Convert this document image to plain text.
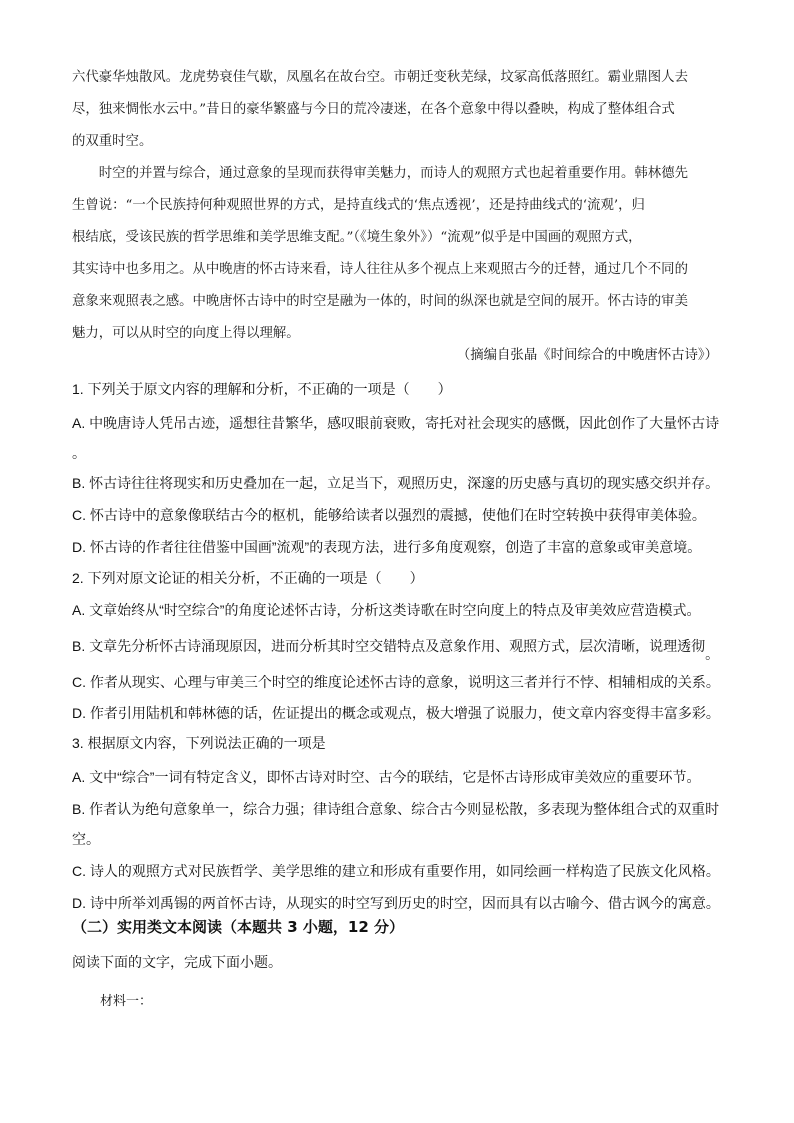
六代豪华烛散风。龙虎势衰佳气歇，凤凰名在故台空。市朝迁变秋芜绿，坟冢高低落照红。霸业鼎图人去

尽，独来惆怅水云中。”昔日的豪华繁盛与今日的荒冷凄迷，在各个意象中得以叠映，构成了整体组合式

的双重时空。

时空的并置与综合，通过意象的呈现而获得审美魅力，而诗人的观照方式也起着重要作用。韩林德先

生曾说：“一个民族持何种观照世界的方式，是持直线式的‘焦点透视’，还是持曲线式的‘流观’，归

根结底，受该民族的哲学思维和美学思维支配。”（《境生象外》）“流观”似乎是中国画的观照方式，

其实诗中也多用之。从中晚唐的怀古诗来看，诗人往往从多个视点上来观照古今的迁替，通过几个不同的

意象来观照表之感。中晚唐怀古诗中的时空是融为一体的，时间的纵深也就是空间的展开。怀古诗的审美

魅力，可以从时空的向度上得以理解。

（摘编自张晶《时间综合的中晚唐怀古诗》）
1. 下列关于原文内容的理解和分析，不正确的一项是（　　）
A. 中晚唐诗人凭吊古迹，遥想往昔繁华，感叹眼前衰败，寄托对社会现实的感慨，因此创作了大量怀古诗
。
B. 怀古诗往往将现实和历史叠加在一起，立足当下，观照历史，深邃的历史感与真切的现实感交织并存。
C. 怀古诗中的意象像联结古今的枢机，能够给读者以强烈的震撼，使他们在时空转换中获得审美体验。
D. 怀古诗的作者往往借鉴中国画”流观”的表现方法，进行多角度观察，创造了丰富的意象或审美意境。
2. 下列对原文论证的相关分析，不正确的一项是（　　）
A. 文章始终从“时空综合”的角度论述怀古诗，分析这类诗歌在时空向度上的特点及审美效应营造模式。
B. 文章先分析怀古诗涌现原因，进而分析其时空交错特点及意象作用、观照方式，层次清晰，说理透彻。
C. 作者从现实、心理与审美三个时空的维度论述怀古诗的意象，说明这三者并行不悖、相辅相成的关系。
D. 作者引用陆机和韩林德的话，佐证提出的概念或观点，极大增强了说服力，使文章内容变得丰富多彩。
3. 根据原文内容，下列说法正确的一项是
A. 文中“综合”一词有特定含义，即怀古诗对时空、古今的联结，它是怀古诗形成审美效应的重要环节。
B. 作者认为绝句意象单一，综合力强；律诗组合意象、综合古今则显松散，多表现为整体组合式的双重时
空。
C. 诗人的观照方式对民族哲学、美学思维的建立和形成有重要作用，如同绘画一样构造了民族文化风格。
D. 诗中所举刘禹锡的两首怀古诗，从现实的时空写到历史的时空，因而具有以古喻今、借古讽今的寓意。
（二）实用类文本阅读（本题共 3 小题，12 分）
阅读下面的文字，完成下面小题。
材料一：
